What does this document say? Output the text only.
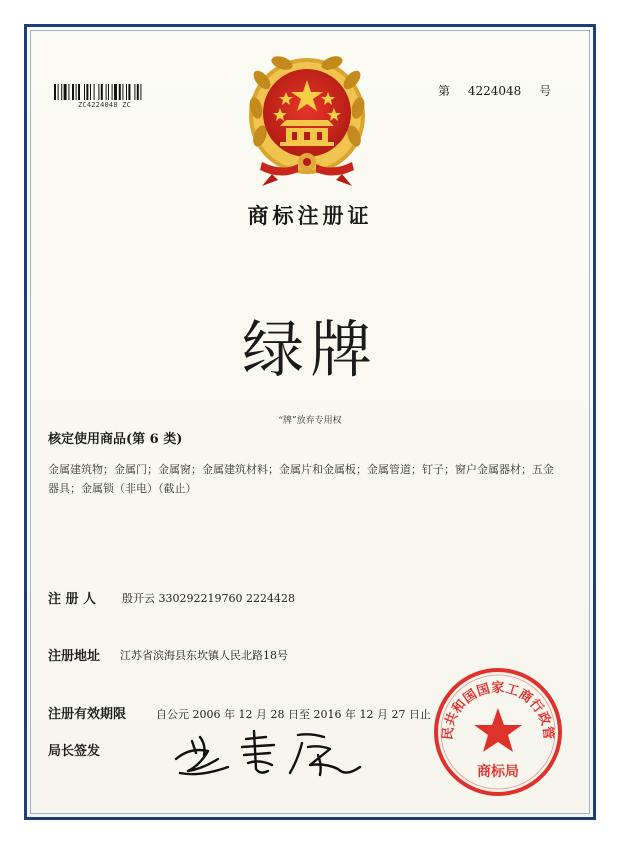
ZC4224048 ZC
第 4224048 号
商标注册证
绿牌
“牌”放弃专用权
核定使用商品(第 6 类)
金属建筑物；金属门；金属窗；金属建筑材料；金属片和金属板；金属管道；钉子；窗户金属器材；五金器具；金属锁（非电）（截止）
注 册 人 殷开云 330292219760 2224428
注册地址 江苏省滨海县东坎镇人民北路18号
注册有效期限	自公元 2006 年 12 月 28 日至 2016 年 12 月 27 日止
局长签发
民共和国国家工商行政管
商标局
